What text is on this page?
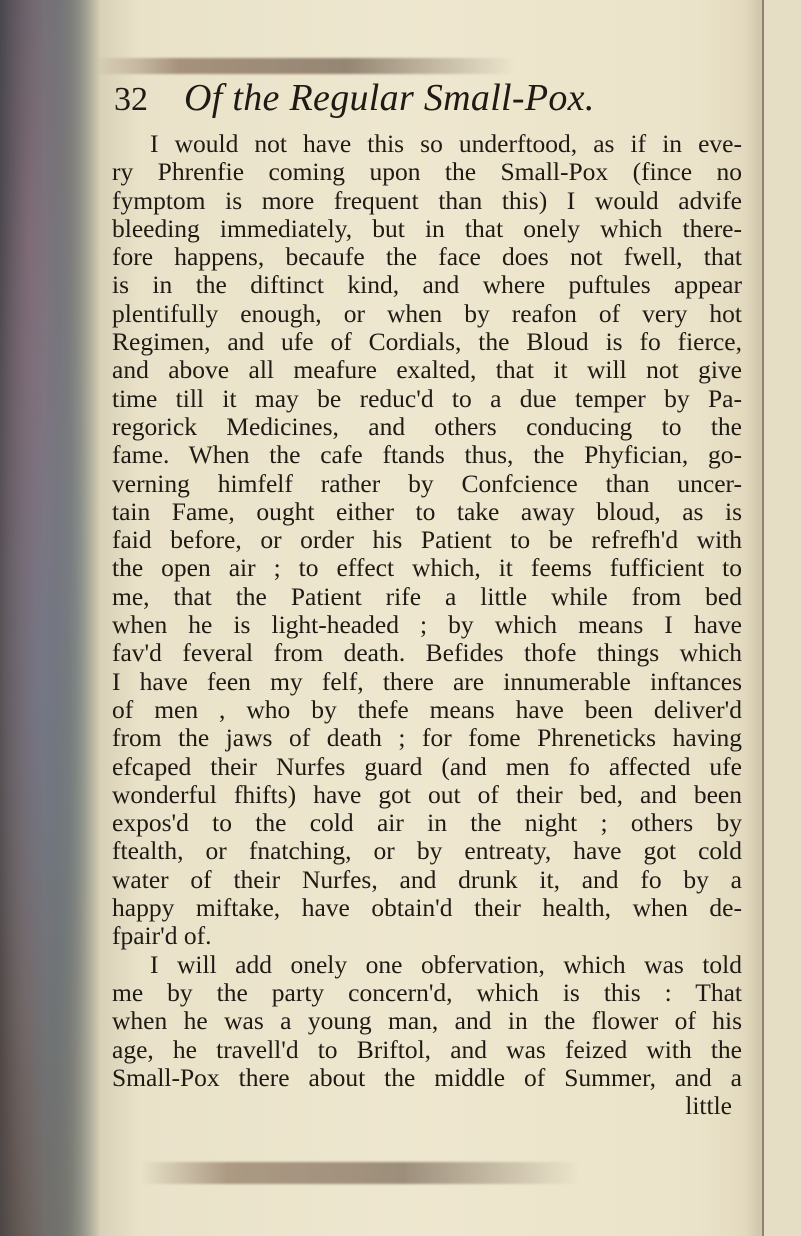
32 Of the Regular Small-Pox.
I would not have this so underftood, as if in eve-
ry Phrenfie coming upon the Small-Pox (fince no
fymptom is more frequent than this) I would advife
bleeding immediately, but in that onely which there-
fore happens, becaufe the face does not fwell, that
is in the diftinct kind, and where puftules appear
plentifully enough, or when by reafon of very hot
Regimen, and ufe of Cordials, the Bloud is fo fierce,
and above all meafure exalted, that it will not give
time till it may be reduc'd to a due temper by Pa-
regorick Medicines, and others conducing to the
fame. When the cafe ftands thus, the Phyfician, go-
verning himfelf rather by Confcience than uncer-
tain Fame, ought either to take away bloud, as is
faid before, or order his Patient to be refrefh'd with
the open air ; to effect which, it feems fufficient to
me, that the Patient rife a little while from bed
when he is light-headed ; by which means I have
fav'd feveral from death. Befides thofe things which
I have feen my felf, there are innumerable inftances
of men , who by thefe means have been deliver'd
from the jaws of death ; for fome Phreneticks having
efcaped their Nurfes guard (and men fo affected ufe
wonderful fhifts) have got out of their bed, and been
expos'd to the cold air in the night ; others by
ftealth, or fnatching, or by entreaty, have got cold
water of their Nurfes, and drunk it, and fo by a
happy miftake, have obtain'd their health, when de-
fpair'd of.
I will add onely one obfervation, which was told
me by the party concern'd, which is this : That
when he was a young man, and in the flower of his
age, he travell'd to Briftol, and was feized with the
Small-Pox there about the middle of Summer, and a
little
